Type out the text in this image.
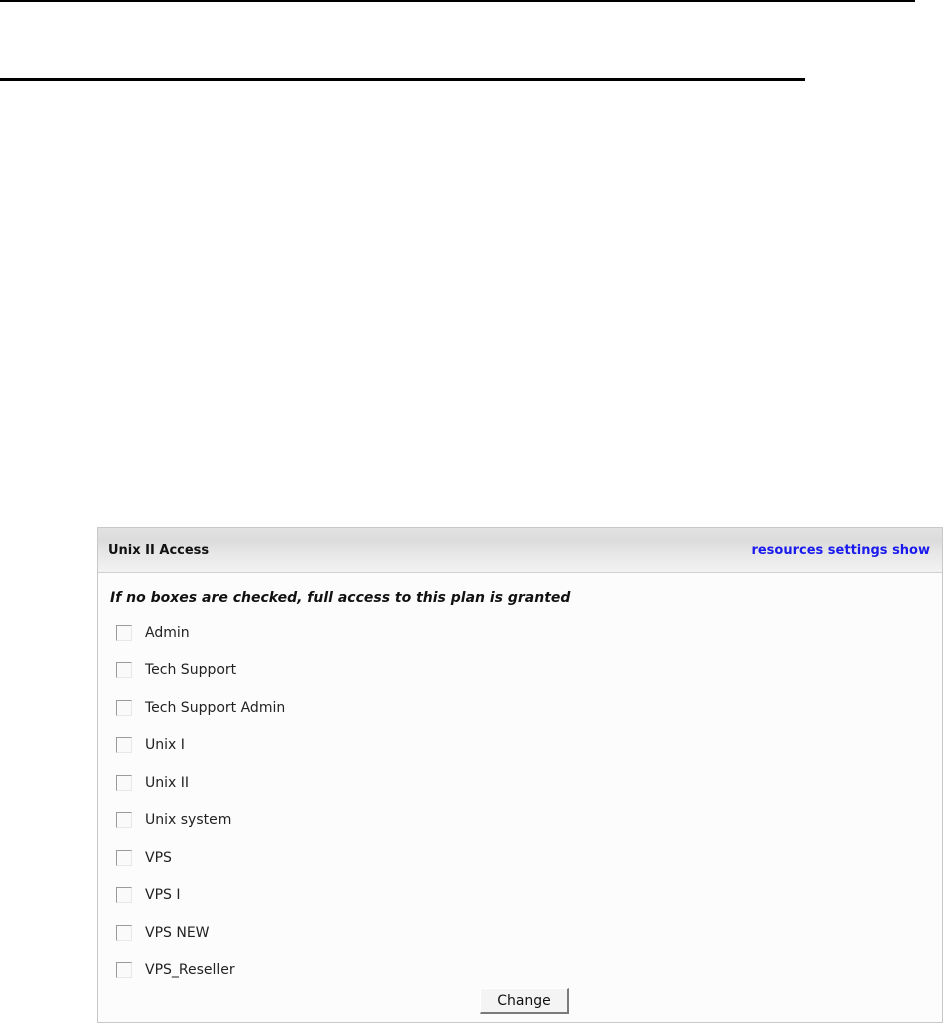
Unix II Access	resources settings show
If no boxes are checked, full access to this plan is granted
Admin
Tech Support
Tech Support Admin
Unix I
Unix II
Unix system
VPS
VPS I
VPS NEW
VPS_Reseller
Change
